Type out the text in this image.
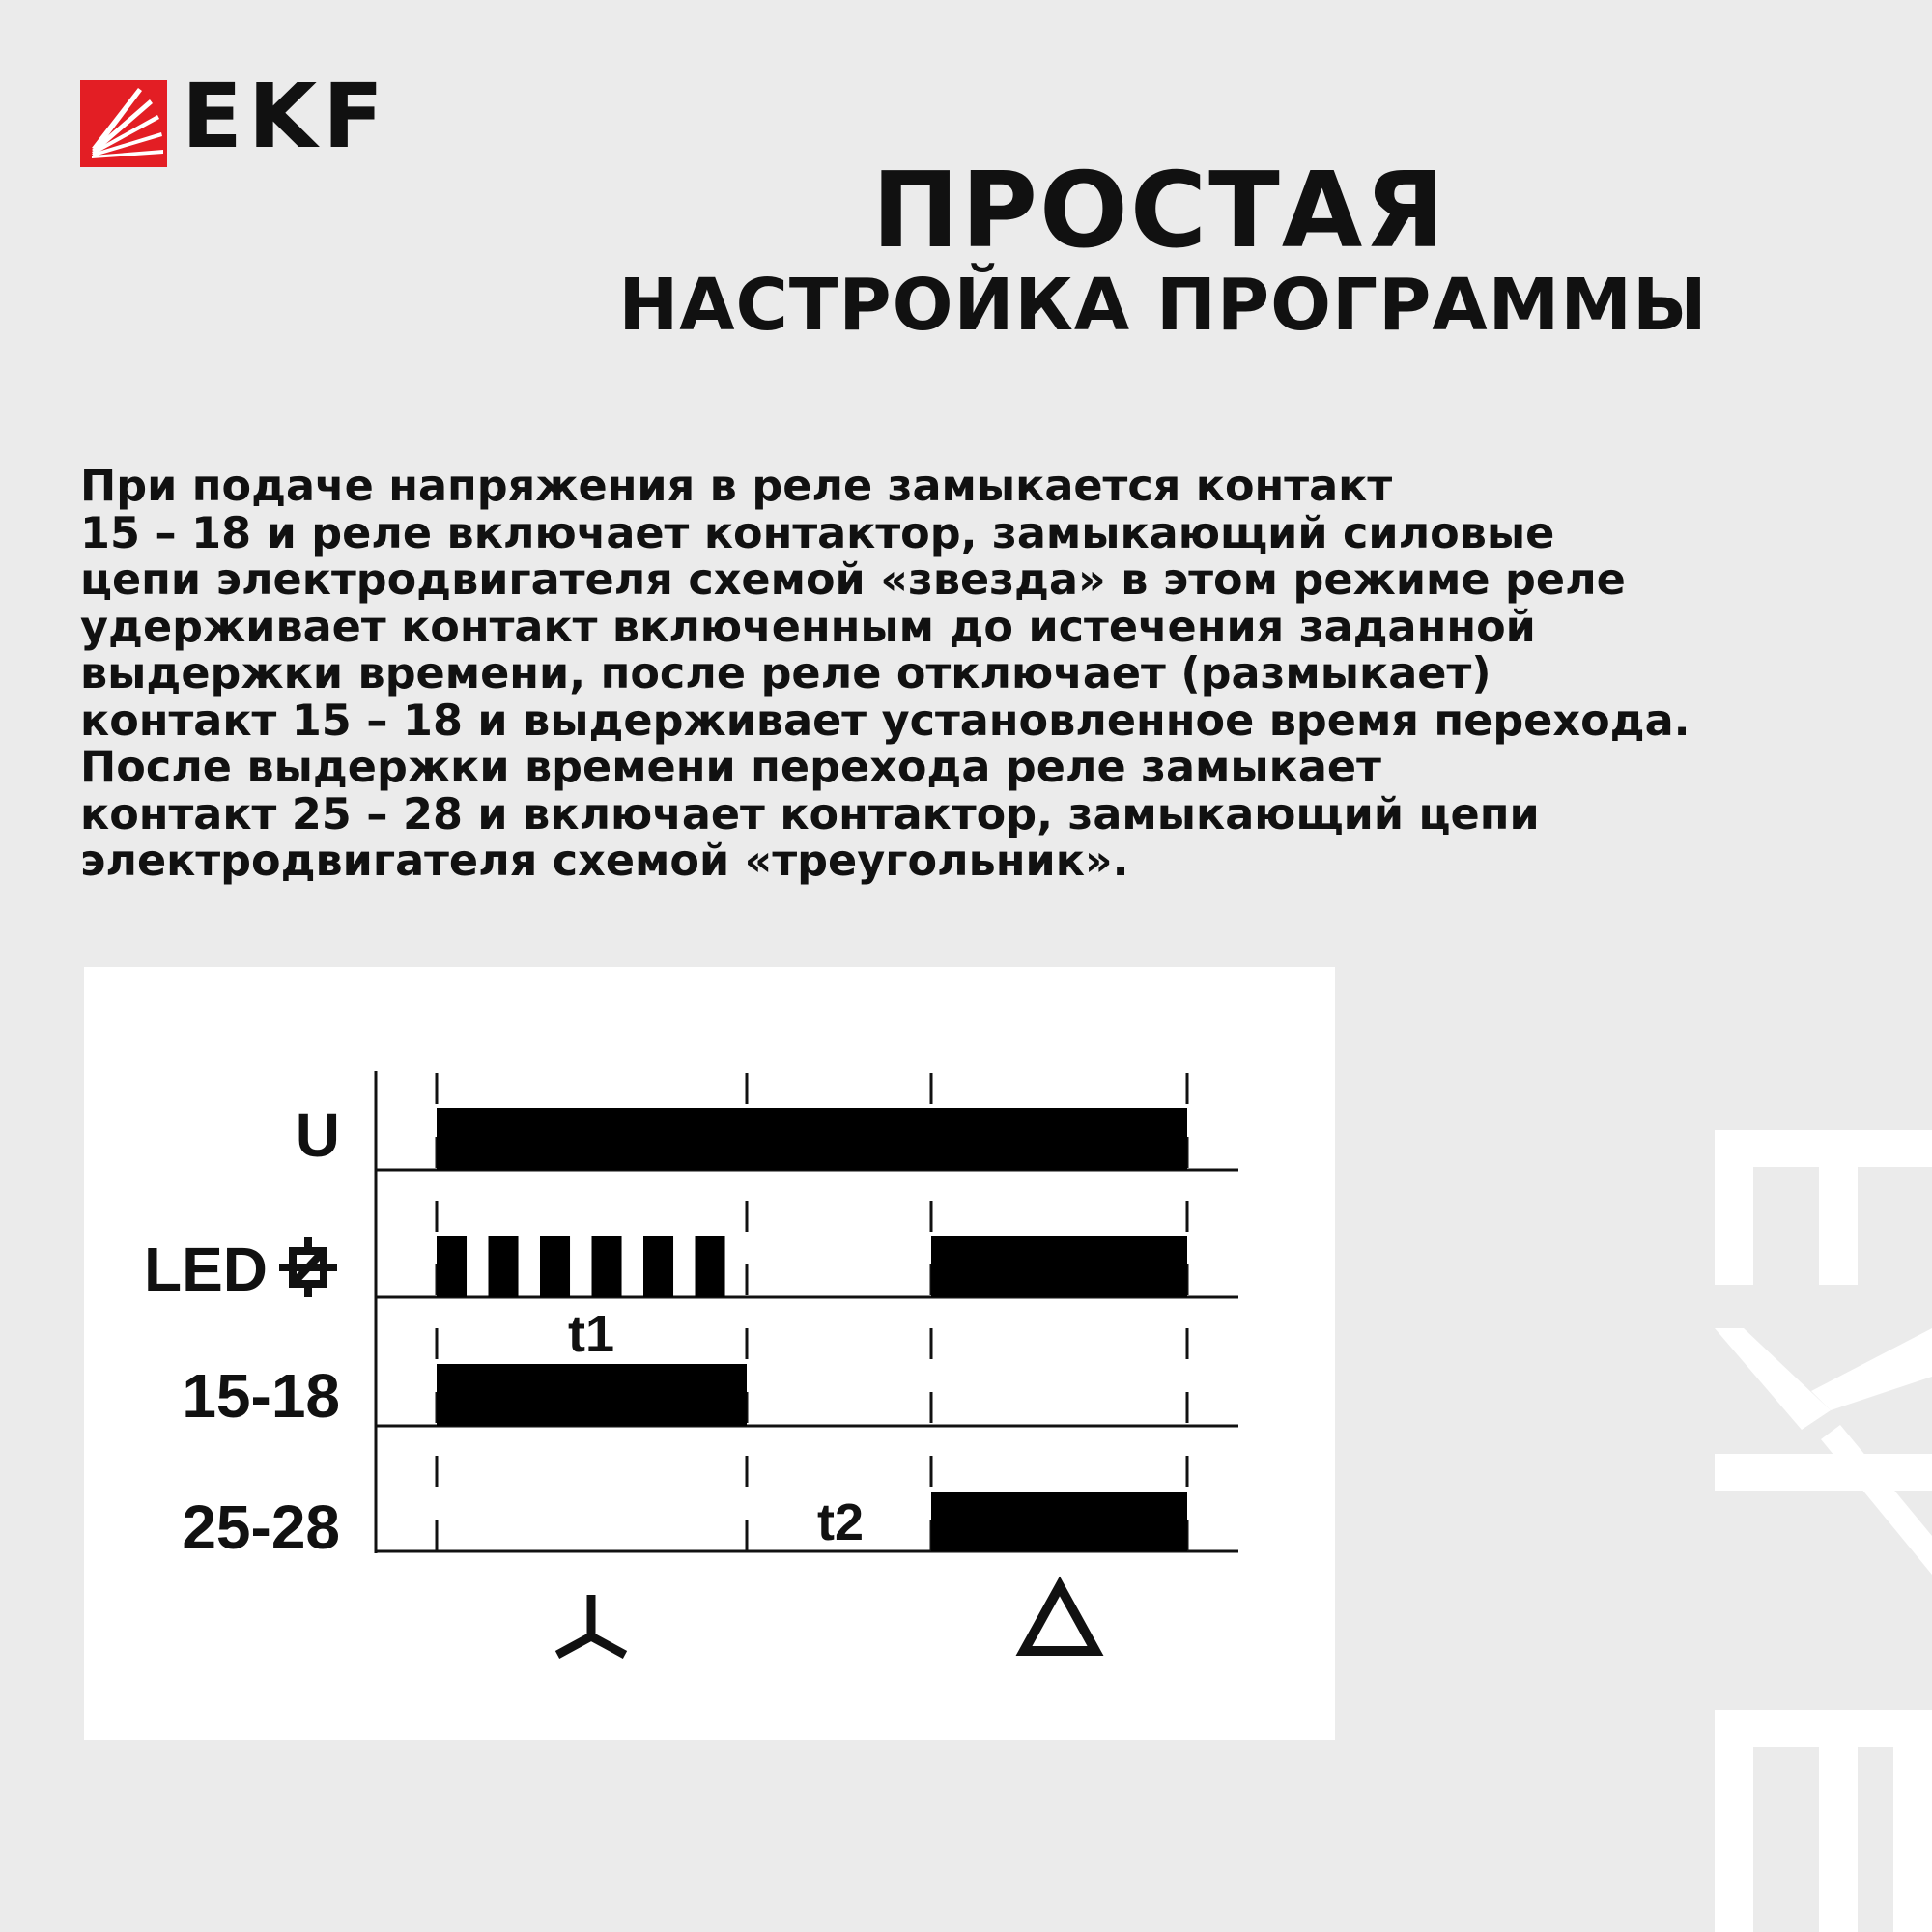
EKF
ПРОСТАЯ
НАСТРОЙКА ПРОГРАММЫ

При подаче напряжения в реле замыкается контакт
15 – 18 и реле включает контактор, замыкающий силовые
цепи электродвигателя схемой «звезда» в этом режиме реле
удерживает контакт включенным до истечения заданной
выдержки времени, после реле отключает (размыкает)
контакт 15 – 18 и выдерживает установленное время перехода.
После выдержки времени перехода реле замыкает
контакт 25 – 28 и включает контактор, замыкающий цепи
электродвигателя схемой «треугольник».

U
LED
15-18
25-28
t1
t2
